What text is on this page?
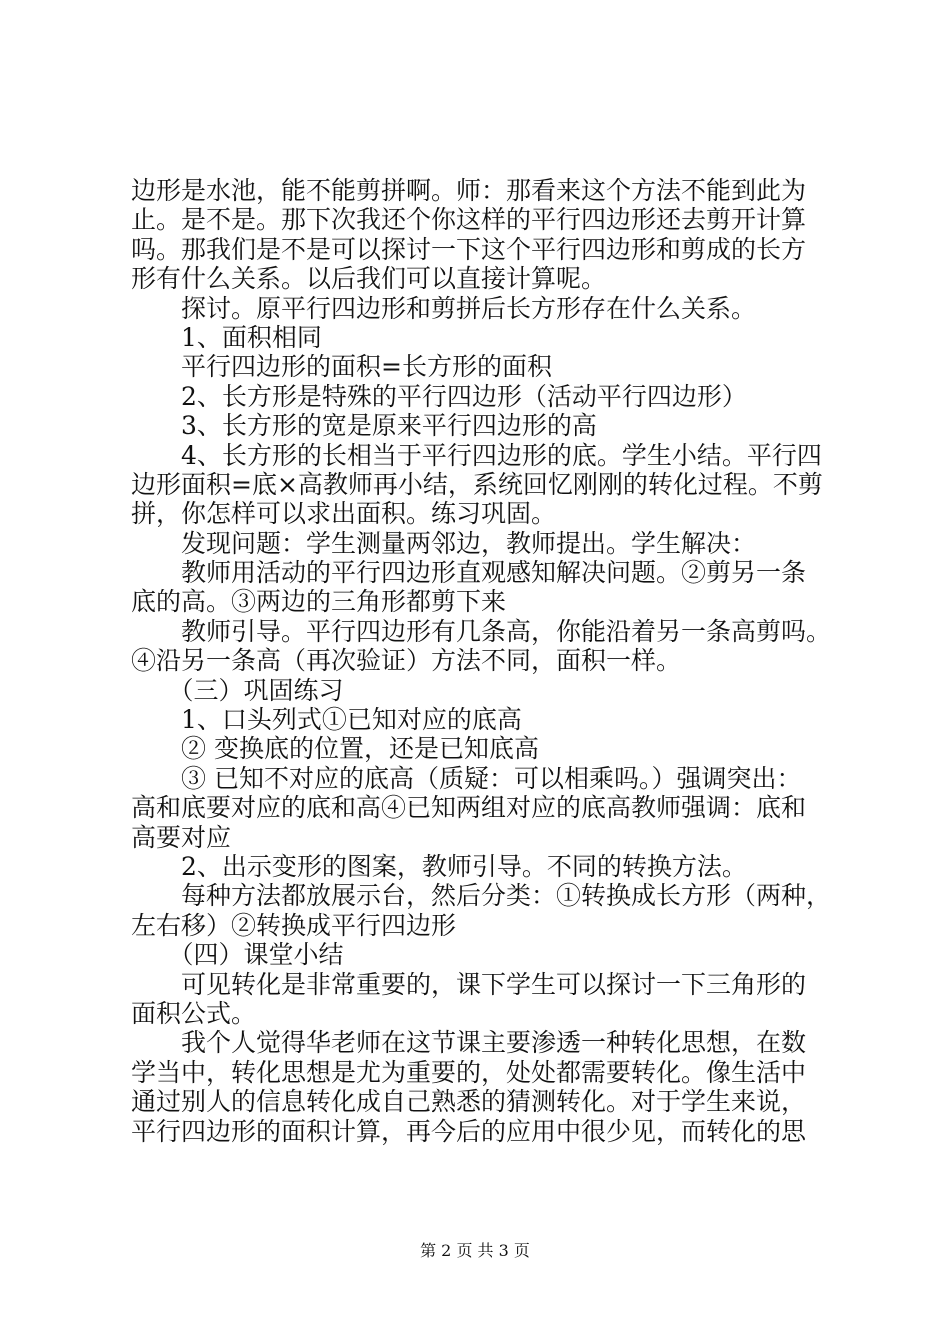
边形是水池，能不能剪拼啊。师：那看来这个方法不能到此为
止。是不是。那下次我还个你这样的平行四边形还去剪开计算
吗。那我们是不是可以探讨一下这个平行四边形和剪成的长方
形有什么关系。以后我们可以直接计算呢。
　　探讨。原平行四边形和剪拼后长方形存在什么关系。
　　1、面积相同
　　平行四边形的面积=长方形的面积
　　2、长方形是特殊的平行四边形（活动平行四边形）
　　3、长方形的宽是原来平行四边形的高
　　4、长方形的长相当于平行四边形的底。学生小结。平行四
边形面积=底×高教师再小结，系统回忆刚刚的转化过程。不剪
拼，你怎样可以求出面积。练习巩固。
　　发现问题：学生测量两邻边，教师提出。学生解决：
　　教师用活动的平行四边形直观感知解决问题。②剪另一条
底的高。③两边的三角形都剪下来
　　教师引导。平行四边形有几条高，你能沿着另一条高剪吗。
④沿另一条高（再次验证）方法不同，面积一样。
　　（三）巩固练习
　　1、口头列式①已知对应的底高
　　② 变换底的位置，还是已知底高
　　③ 已知不对应的底高（质疑：可以相乘吗。）强调突出：
高和底要对应的底和高④已知两组对应的底高教师强调：底和
高要对应
　　2、出示变形的图案，教师引导。不同的转换方法。
　　每种方法都放展示台，然后分类：①转换成长方形（两种，
左右移）②转换成平行四边形
　　（四）课堂小结
　　可见转化是非常重要的，课下学生可以探讨一下三角形的
面积公式。
　　我个人觉得华老师在这节课主要渗透一种转化思想，在数
学当中，转化思想是尤为重要的，处处都需要转化。像生活中
通过别人的信息转化成自己熟悉的猜测转化。对于学生来说，
平行四边形的面积计算，再今后的应用中很少见，而转化的思
第 2 页 共 3 页
